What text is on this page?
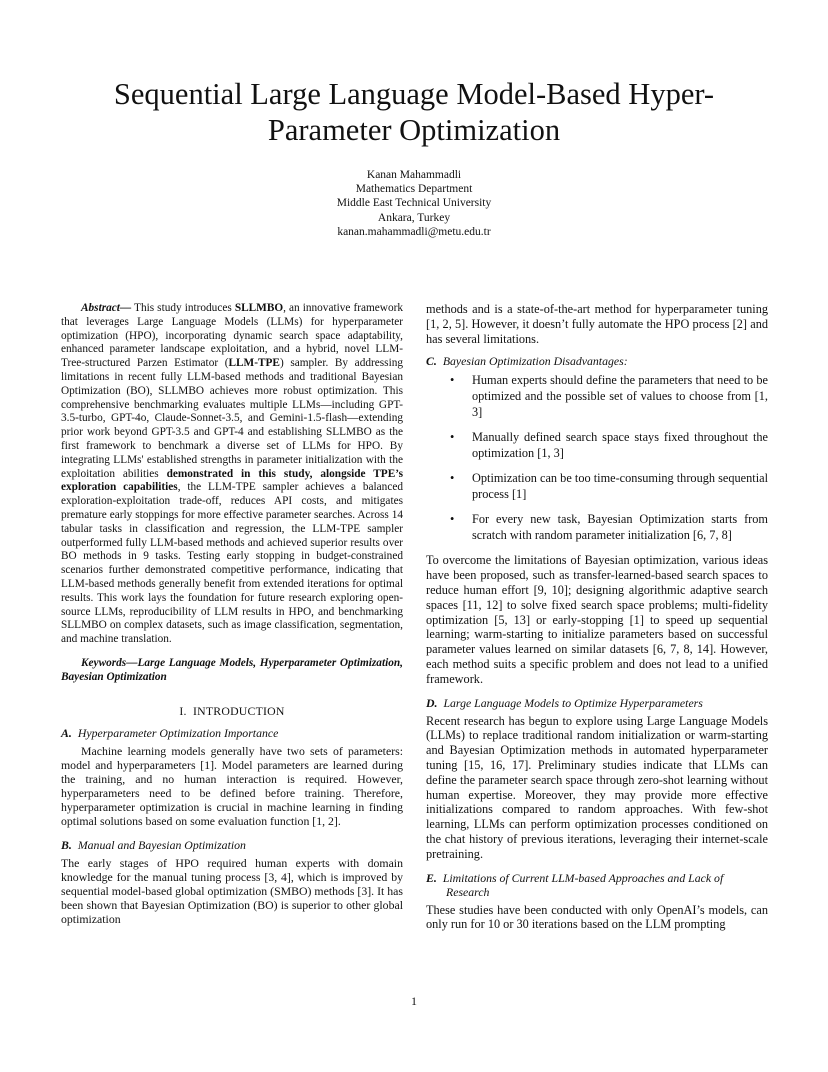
Sequential Large Language Model-Based Hyper-Parameter Optimization
Kanan Mahammadli
Mathematics Department
Middle East Technical University
Ankara, Turkey
kanan.mahammadli@metu.edu.tr

Abstract— This study introduces SLLMBO, an innovative framework that leverages Large Language Models (LLMs) for hyperparameter optimization (HPO), incorporating dynamic search space adaptability, enhanced parameter landscape exploitation, and a hybrid, novel LLM-Tree-structured Parzen Estimator (LLM-TPE) sampler. By addressing limitations in recent fully LLM-based methods and traditional Bayesian Optimization (BO), SLLMBO achieves more robust optimization. This comprehensive benchmarking evaluates multiple LLMs—including GPT-3.5-turbo, GPT-4o, Claude-Sonnet-3.5, and Gemini-1.5-flash—extending prior work beyond GPT-3.5 and GPT-4 and establishing SLLMBO as the first framework to benchmark a diverse set of LLMs for HPO. By integrating LLMs' established strengths in parameter initialization with the exploitation abilities demonstrated in this study, alongside TPE’s exploration capabilities, the LLM-TPE sampler achieves a balanced exploration-exploitation trade-off, reduces API costs, and mitigates premature early stoppings for more effective parameter searches. Across 14 tabular tasks in classification and regression, the LLM-TPE sampler outperformed fully LLM-based methods and achieved superior results over BO methods in 9 tasks. Testing early stopping in budget-constrained scenarios further demonstrated competitive performance, indicating that LLM-based methods generally benefit from extended iterations for optimal results. This work lays the foundation for future research exploring open-source LLMs, reproducibility of LLM results in HPO, and benchmarking SLLMBO on complex datasets, such as image classification, segmentation, and machine translation.

Keywords—Large Language Models, Hyperparameter Optimization, Bayesian Optimization

I. INTRODUCTION
A. Hyperparameter Optimization Importance

Machine learning models generally have two sets of parameters: model and hyperparameters [1]. Model parameters are learned during the training, and no human interaction is required. However, hyperparameters need to be defined before training. Therefore, hyperparameter optimization is crucial in machine learning in finding optimal solutions based on some evaluation function [1, 2].

B. Manual and Bayesian Optimization

The early stages of HPO required human experts with domain knowledge for the manual tuning process [3, 4], which is improved by sequential model-based global optimization (SMBO) methods [3]. It has been shown that Bayesian Optimization (BO) is superior to other global optimization

methods and is a state-of-the-art method for hyperparameter tuning [1, 2, 5]. However, it doesn’t fully automate the HPO process [2] and has several limitations.

C. Bayesian Optimization Disadvantages:
• Human experts should define the parameters that need to be optimized and the possible set of values to choose from [1, 3]
• Manually defined search space stays fixed throughout the optimization [1, 3]
• Optimization can be too time-consuming through sequential process [1]
• For every new task, Bayesian Optimization starts from scratch with random parameter initialization [6, 7, 8]

To overcome the limitations of Bayesian optimization, various ideas have been proposed, such as transfer-learned-based search spaces to reduce human effort [9, 10]; designing algorithmic adaptive search spaces [11, 12] to solve fixed search space problems; multi-fidelity optimization [5, 13] or early-stopping [1] to speed up sequential learning; warm-starting to initialize parameters based on successful parameter values learned on similar datasets [6, 7, 8, 14]. However, each method suits a specific problem and does not lead to a unified framework.

D. Large Language Models to Optimize Hyperparameters

Recent research has begun to explore using Large Language Models (LLMs) to replace traditional random initialization or warm-starting and Bayesian Optimization methods in automated hyperparameter tuning [15, 16, 17]. Preliminary studies indicate that LLMs can define the parameter search space through zero-shot learning without human expertise. Moreover, they may provide more effective initializations compared to random approaches. With few-shot learning, LLMs can perform optimization processes conditioned on the chat history of previous iterations, leveraging their internet-scale pretraining.

E. Limitations of Current LLM-based Approaches and Lack of Research

These studies have been conducted with only OpenAI’s models, can only run for 10 or 30 iterations based on the LLM prompting

1
